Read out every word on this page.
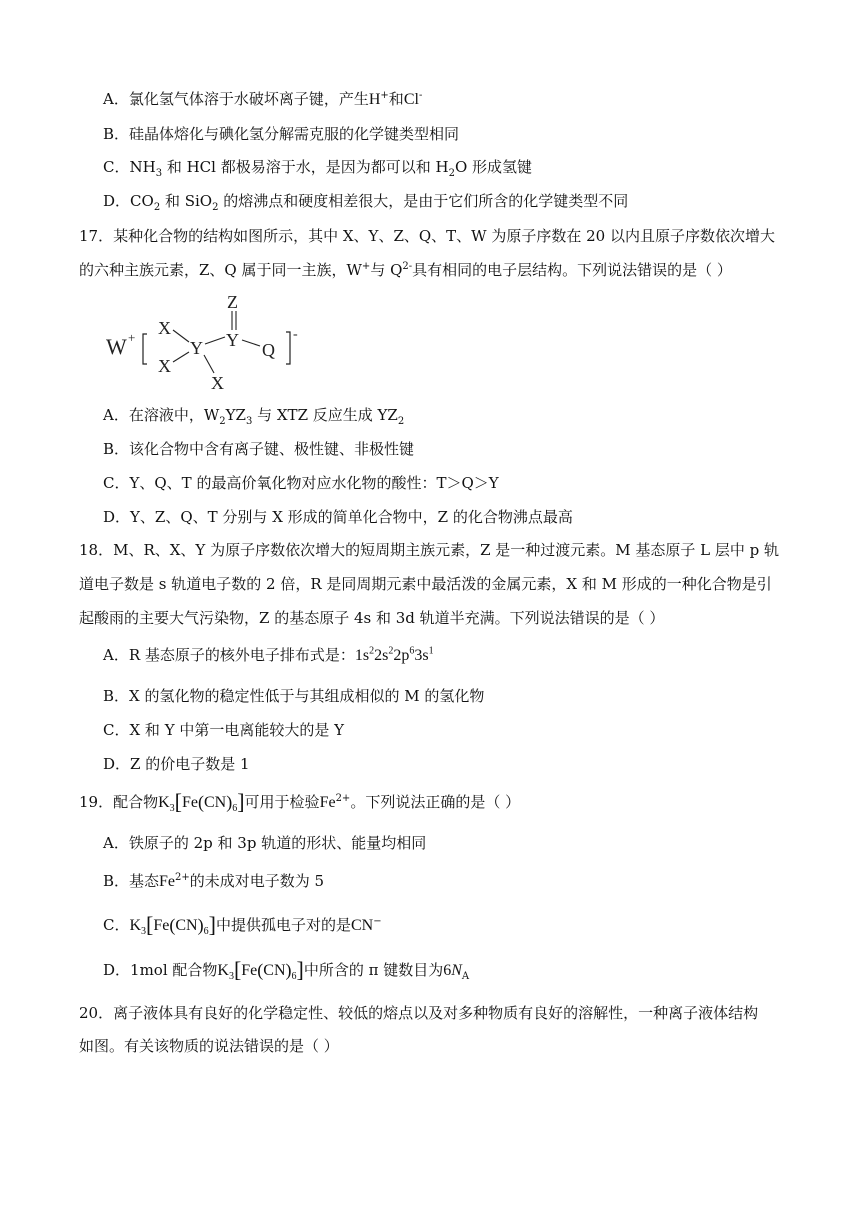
A．氯化氢气体溶于水破坏离子键，产生H+和Cl-
B．硅晶体熔化与碘化氢分解需克服的化学键类型相同
C．$NH_3$ 和 HCl 都极易溶于水，是因为都可以和 $H_2O$ 形成氢键
D．$CO_2$ 和 SiO$_2$ 的熔沸点和硬度相差很大，是由于它们所含的化学键类型不同
17．某种化合物的结构如图所示，其中 X、Y、Z、Q、T、W 为原子序数在 20 以内且原子序数依次增大
的六种主族元素，Z、Q 属于同一主族，W+与 $Q^{2-}$具有相同的电子层结构。下列说法错误的是（ ）
W + X
X
Y
X
Y
Z
Q
-
A．在溶液中，$W_2YZ_3$ 与 XTZ 反应生成 $YZ_2$
B．该化合物中含有离子键、极性键、非极性键
C．Y、Q、T 的最高价氧化物对应水化物的酸性：T＞Q＞Y
D．Y、Z、Q、T 分别与 X 形成的简单化合物中，Z 的化合物沸点最高
18．M、R、X、Y 为原子序数依次增大的短周期主族元素，Z 是一种过渡元素。M 基态原子 L 层中 p 轨
道电子数是 s 轨道电子数的 2 倍，R 是同周期元素中最活泼的金属元素，X 和 M 形成的一种化合物是引
起酸雨的主要大气污染物，Z 的基态原子 4s 和 3d 轨道半充满。下列说法错误的是（ ）
A．R 基态原子的核外电子排布式是：$1s^22s^22p^63s^1$
B．X 的氢化物的稳定性低于与其组成相似的 M 的氢化物
C．X 和 Y 中第一电离能较大的是 Y
D．Z 的价电子数是 1
19．配合物$K_3[Fe(CN)_6]$可用于检验$Fe^{2+}$。下列说法正确的是（ ）
A．铁原子的 2p 和 3p 轨道的形状、能量均相同
B．基态$Fe^{2+}$的未成对电子数为 5
C．$K_3[Fe(CN)_6]$中提供孤电子对的是CN−
D．1mol 配合物$K_3[Fe(CN)_6]$中所含的 π 键数目为$6N_A$
20．离子液体具有良好的化学稳定性、较低的熔点以及对多种物质有良好的溶解性，一种离子液体结构
如图。有关该物质的说法错误的是（ ）
